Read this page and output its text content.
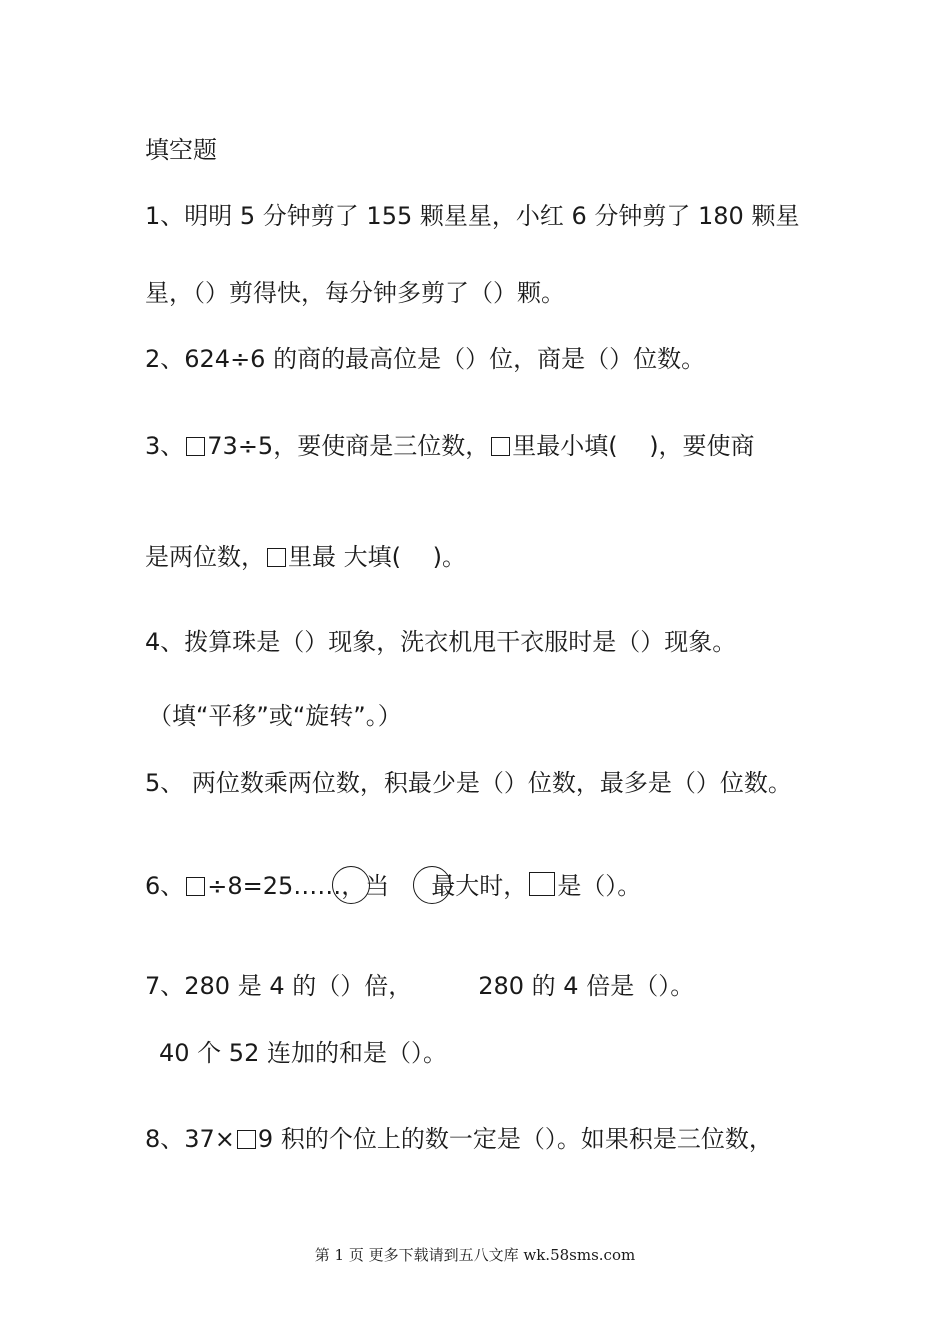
填空题

1、明明 5 分钟剪了 155 颗星星，小红 6 分钟剪了 180 颗星

星，（）剪得快，每分钟多剪了（）颗。

2、624÷6 的商的最高位是（）位，商是（）位数。

3、 73÷5，要使商是三位数， 里最小填(　 )，要使商

是两位数， 里最 大填(　 )。

4、拨算珠是（）现象，洗衣机甩干衣服时是（）现象。

（填“平移”或“旋转”。）

5、 两位数乘两位数，积最少是（）位数，最多是（）位数。

6、 ÷8=25……，当 最大时， 是（）。

7、280 是 4 的（）倍，	280 的 4 倍是（）。

40 个 52 连加的和是（）。

8、37× 9 积的个位上的数一定是（）。如果积是三位数，

第 1 页 更多下载请到五八文库 wk.58sms.com
